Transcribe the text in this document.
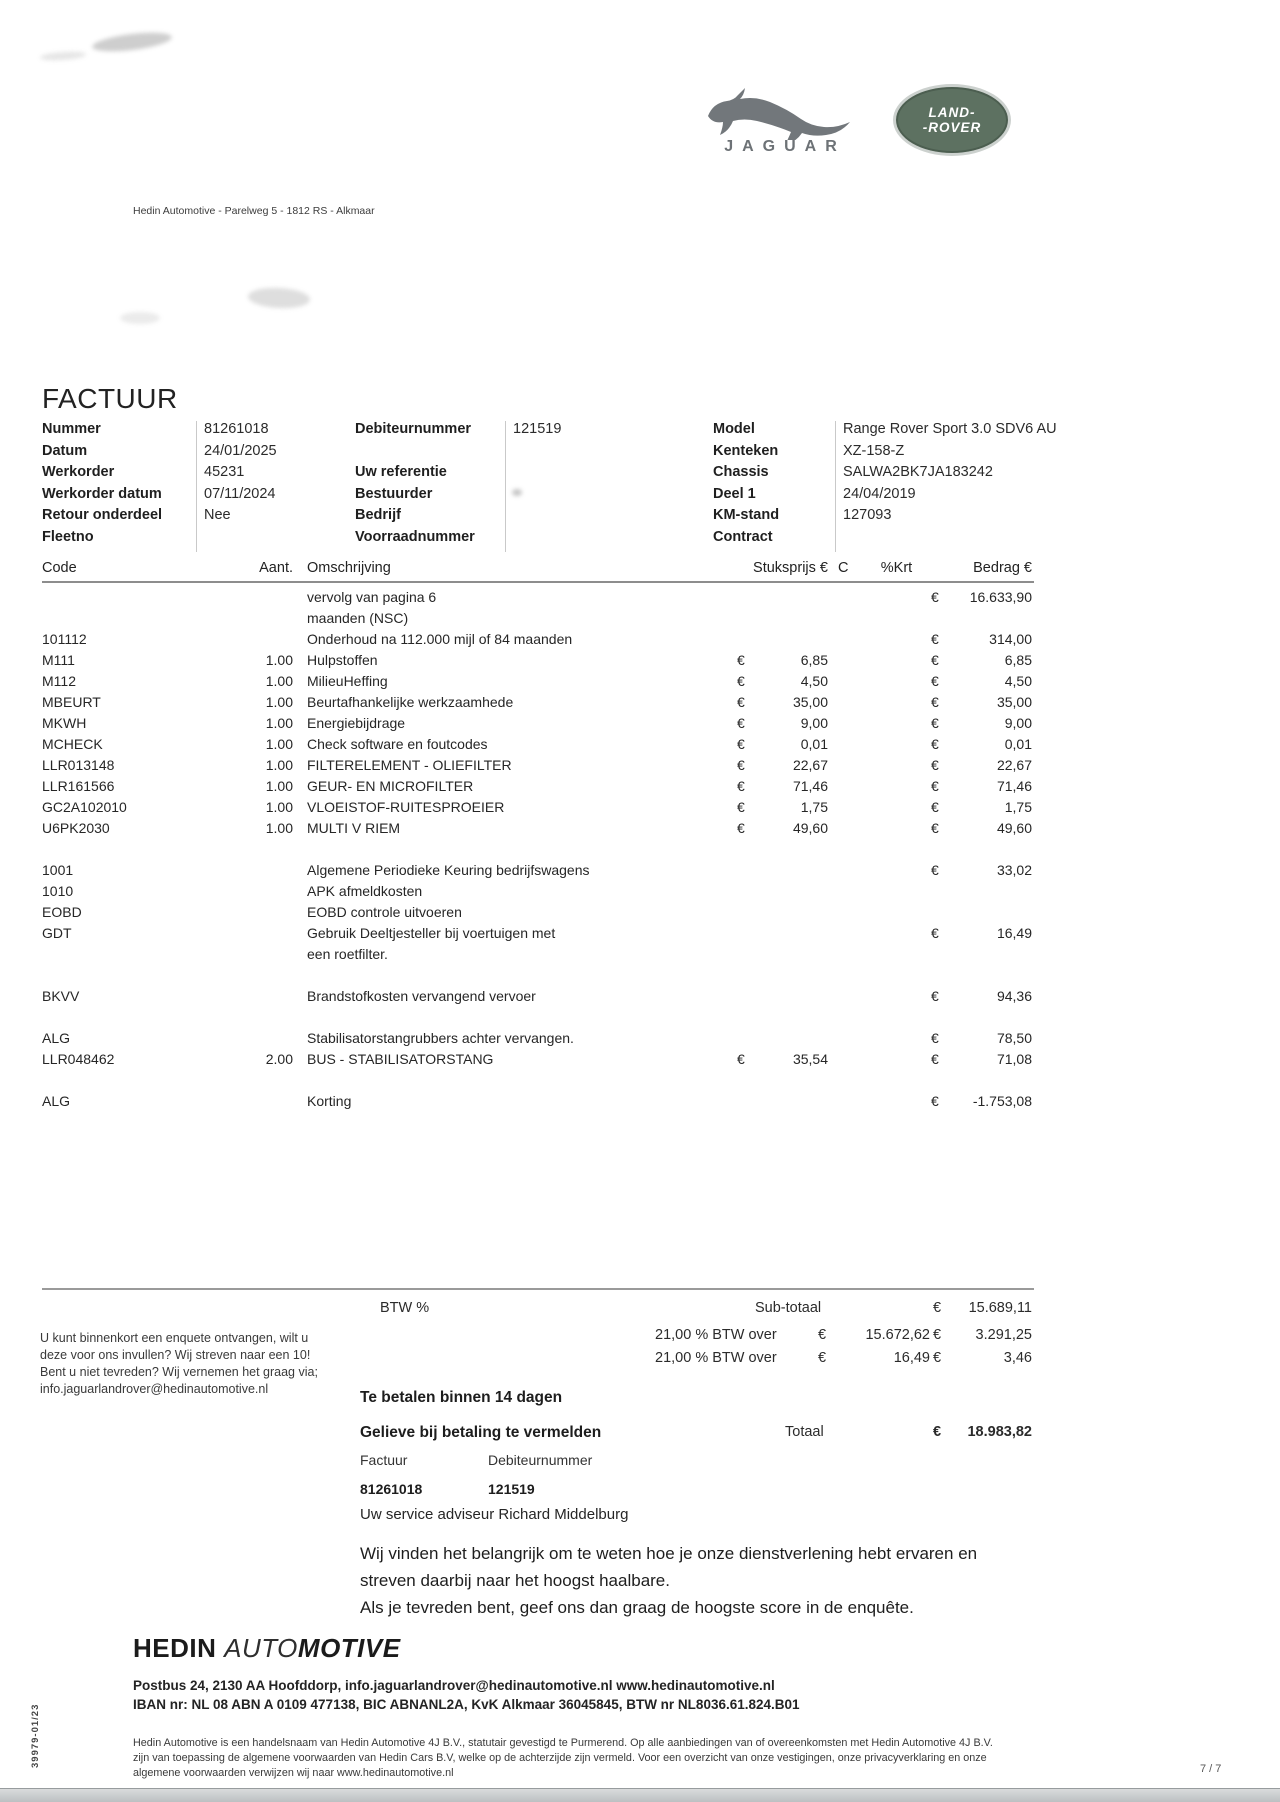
JAGUAR
LAND-
-ROVER
Hedin Automotive - Parelweg 5 - 1812 RS - Alkmaar
FACTUUR
Nummer	81261018
Datum	24/01/2025
Werkorder	45231
Werkorder datum	07/11/2024
Retour onderdeel	Nee
Fleetno
Debiteurnummer	121519
Uw referentie
Bestuurder
Bedrijf
Voorraadnummer
Model	Range Rover Sport 3.0 SDV6 AU
Kenteken	XZ-158-Z
Chassis	SALWA2BK7JA183242
Deel 1	24/04/2019
KM-stand	127093
Contract
Code	Aant. Omschrijving	Stuksprijs € C	%Krt	Bedrag €
vervolg van pagina 6	€	16.633,90
maanden (NSC)
101112	Onderhoud na 112.000 mijl of 84 maanden	€	314,00
M111	1.00 Hulpstoffen	€	6,85	€	6,85
M112	1.00 MilieuHeffing	€	4,50	€	4,50
MBEURT	1.00 Beurtafhankelijke werkzaamhede	€	35,00	€	35,00
MKWH	1.00 Energiebijdrage	€	9,00	€	9,00
MCHECK	1.00 Check software en foutcodes	€	0,01	€	0,01
LLR013148	1.00 FILTERELEMENT - OLIEFILTER	€	22,67	€	22,67
LLR161566	1.00 GEUR- EN MICROFILTER	€	71,46	€	71,46
GC2A102010	1.00 VLOEISTOF-RUITESPROEIER	€	1,75	€	1,75
U6PK2030	1.00 MULTI V RIEM	€	49,60	€	49,60
1001	Algemene Periodieke Keuring bedrijfswagens	€	33,02
1010	APK afmeldkosten
EOBD	EOBD controle uitvoeren
GDT	Gebruik Deeltjesteller bij voertuigen met	€	16,49
een roetfilter.
BKVV	Brandstofkosten vervangend vervoer	€	94,36
ALG	Stabilisatorstangrubbers achter vervangen.	€	78,50
LLR048462	2.00 BUS - STABILISATORSTANG	€	35,54	€	71,08
ALG	Korting	€	-1.753,08
BTW %	Sub-totaal	€	15.689,11
21,00 % BTW over	€	15.672,62 €	3.291,25
21,00 % BTW over	€	16,49 €	3,46
Te betalen binnen 14 dagen
Gelieve bij betaling te vermelden	Totaal	€	18.983,82
Factuur	Debiteurnummer
81261018	121519
Uw service adviseur Richard Middelburg
U kunt binnenkort een enquete ontvangen, wilt u
deze voor ons invullen? Wij streven naar een 10!
Bent u niet tevreden? Wij vernemen het graag via;
info.jaguarlandrover@hedinautomotive.nl
Wij vinden het belangrijk om te weten hoe je onze dienstverlening hebt ervaren en
streven daarbij naar het hoogst haalbare.
Als je tevreden bent, geef ons dan graag de hoogste score in de enquête.
HEDIN AUTOMOTIVE
Postbus 24, 2130 AA Hoofddorp, info.jaguarlandrover@hedinautomotive.nl www.hedinautomotive.nl
IBAN nr: NL 08 ABN A 0109 477138, BIC ABNANL2A, KvK Alkmaar 36045845, BTW nr NL8036.61.824.B01
Hedin Automotive is een handelsnaam van Hedin Automotive 4J B.V., statutair gevestigd te Purmerend. Op alle aanbiedingen van of overeenkomsten met Hedin Automotive 4J B.V.
zijn van toepassing de algemene voorwaarden van Hedin Cars B.V, welke op de achterzijde zijn vermeld. Voor een overzicht van onze vestigingen, onze privacyverklaring en onze
algemene voorwaarden verwijzen wij naar www.hedinautomotive.nl	7 / 7
39979-01/23
